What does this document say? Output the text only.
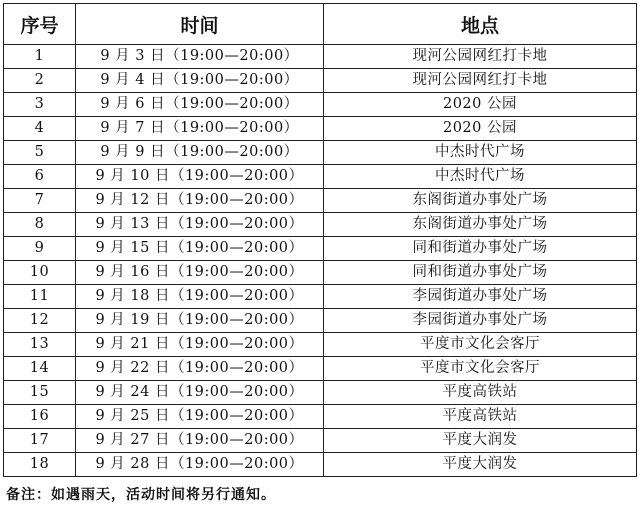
序号	时间	地点
1	9 月 3 日（19:00—20:00）	现河公园网红打卡地
2	9 月 4 日（19:00—20:00）	现河公园网红打卡地
3	9 月 6 日（19:00—20:00）	2020 公园
4	9 月 7 日（19:00—20:00）	2020 公园
5	9 月 9 日（19:00—20:00）	中杰时代广场
6	9 月 10 日（19:00—20:00）	中杰时代广场
7	9 月 12 日（19:00—20:00）	东阁街道办事处广场
8	9 月 13 日（19:00—20:00）	东阁街道办事处广场
9	9 月 15 日（19:00—20:00）	同和街道办事处广场
10	9 月 16 日（19:00—20:00）	同和街道办事处广场
11	9 月 18 日（19:00—20:00）	李园街道办事处广场
12	9 月 19 日（19:00—20:00）	李园街道办事处广场
13	9 月 21 日（19:00—20:00）	平度市文化会客厅
14	9 月 22 日（19:00—20:00）	平度市文化会客厅
15	9 月 24 日（19:00—20:00）	平度高铁站
16	9 月 25 日（19:00—20:00）	平度高铁站
17	9 月 27 日（19:00—20:00）	平度大润发
18	9 月 28 日（19:00—20:00）	平度大润发
备注：如遇雨天，活动时间将另行通知。
